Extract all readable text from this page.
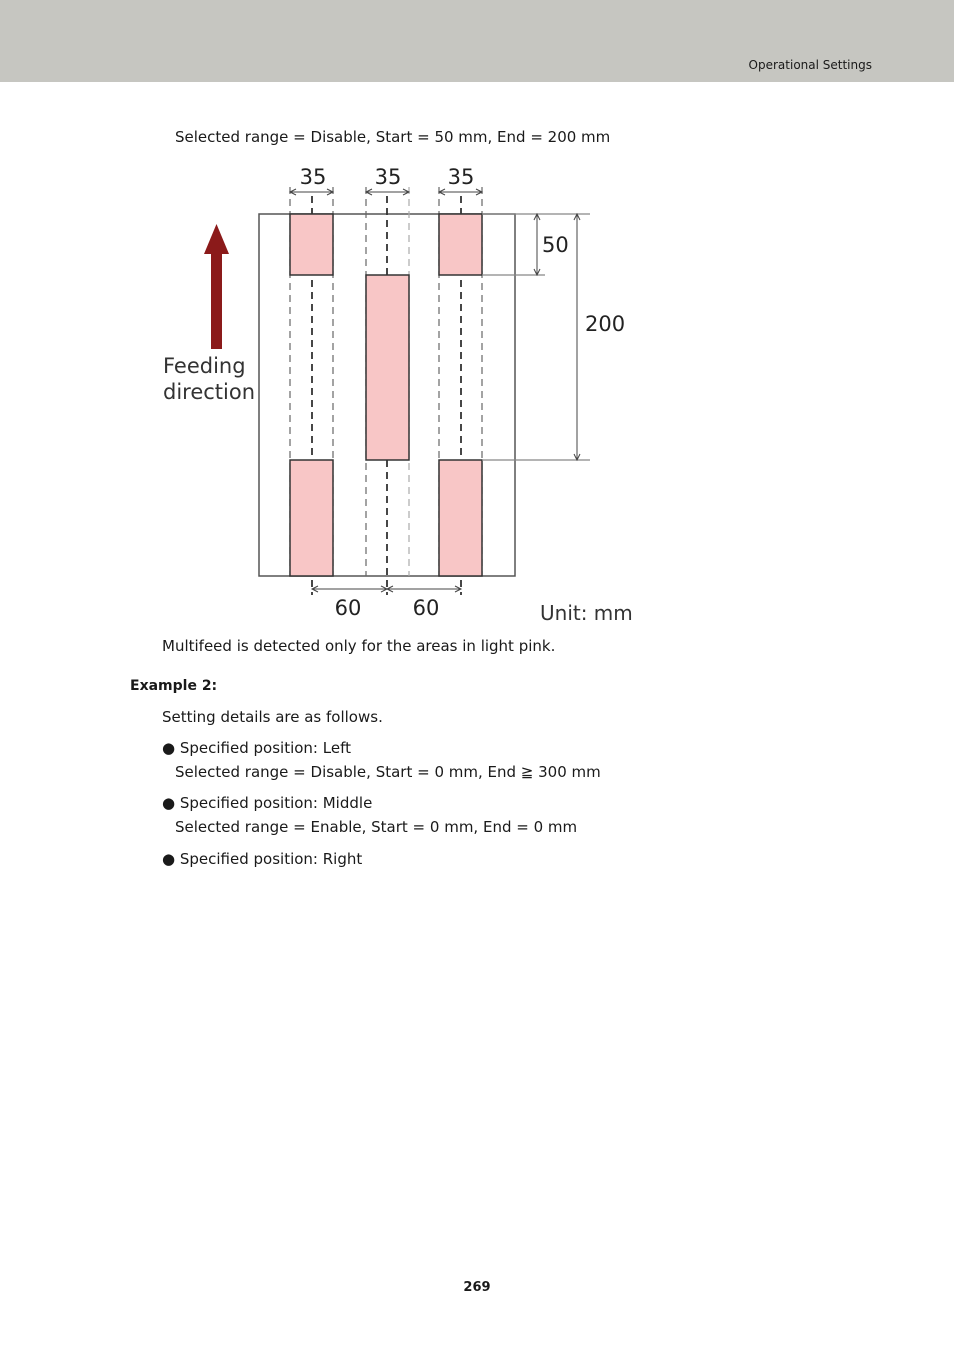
Operational Settings
Selected range = Disable, Start = 50 mm, End = 200 mm
35 35 35
50
200
60 60
Feeding
direction
Unit: mm
Multifeed is detected only for the areas in light pink.
Example 2:
Setting details are as follows.
● Specified position: Left
Selected range = Disable, Start = 0 mm, End ≧ 300 mm
● Specified position: Middle
Selected range = Enable, Start = 0 mm, End = 0 mm
● Specified position: Right
269
